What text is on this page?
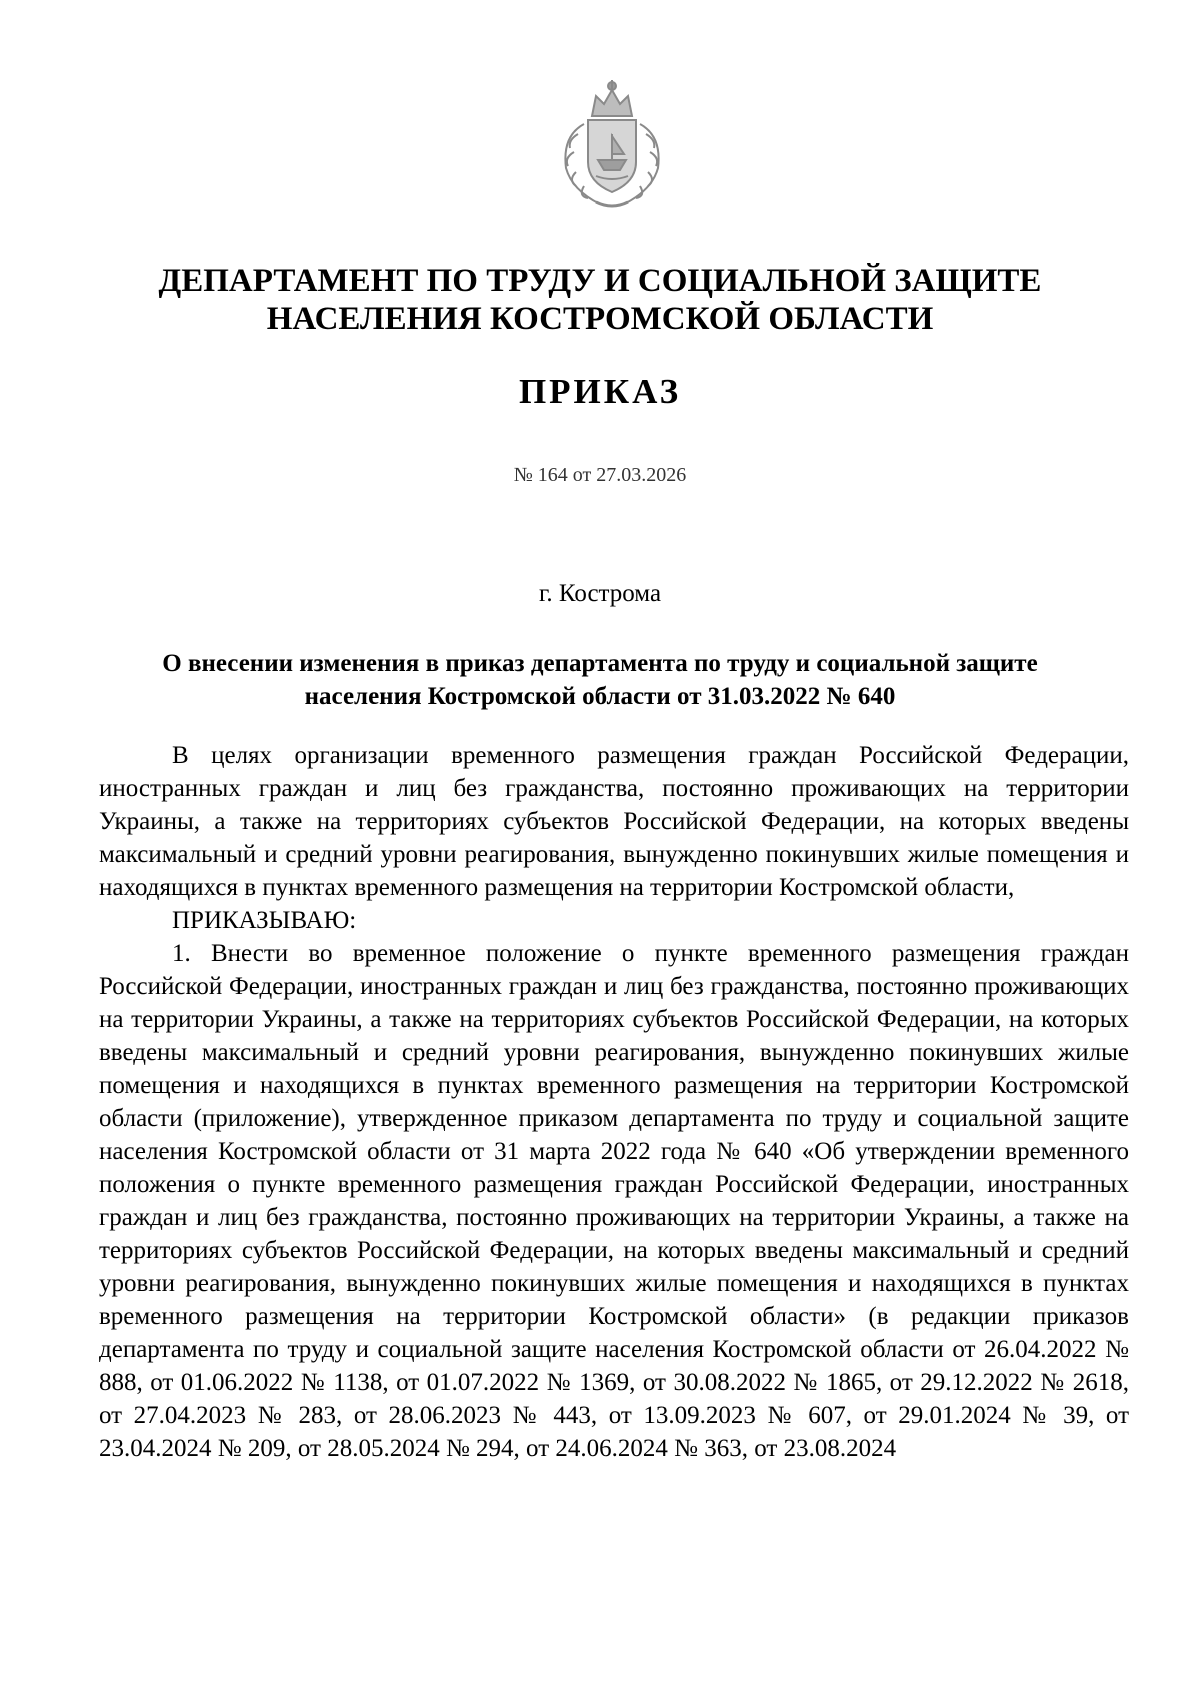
ДЕПАРТАМЕНТ ПО ТРУДУ И СОЦИАЛЬНОЙ ЗАЩИТЕ
НАСЕЛЕНИЯ КОСТРОМСКОЙ ОБЛАСТИ
ПРИКАЗ
№ 164 от 27.03.2026
г. Кострома
О внесении изменения в приказ департамента по труду и социальной защите
населения Костромской области от 31.03.2022 № 640

В целях организации временного размещения граждан Российской Федерации, иностранных граждан и лиц без гражданства, постоянно проживающих на территории Украины, а также на территориях субъектов Российской Федерации, на которых введены максимальный и средний уровни реагирования, вынужденно покинувших жилые помещения и находящихся в пунктах временного размещения на территории Костромской области,

ПРИКАЗЫВАЮ:

1. Внести во временное положение о пункте временного размещения граждан Российской Федерации, иностранных граждан и лиц без гражданства, постоянно проживающих на территории Украины, а также на территориях субъектов Российской Федерации, на которых введены максимальный и средний уровни реагирования, вынужденно покинувших жилые помещения и находящихся в пунктах временного размещения на территории Костромской области (приложение), утвержденное приказом департамента по труду и социальной защите населения Костромской области от 31 марта 2022 года № 640 «Об утверждении временного положения о пункте временного размещения граждан Российской Федерации, иностранных граждан и лиц без гражданства, постоянно проживающих на территории Украины, а также на территориях субъектов Российской Федерации, на которых введены максимальный и средний уровни реагирования, вынужденно покинувших жилые помещения и находящихся в пунктах временного размещения на территории Костромской области» (в редакции приказов департамента по труду и социальной защите населения Костромской области от 26.04.2022 № 888, от 01.06.2022 № 1138, от 01.07.2022 № 1369, от 30.08.2022 № 1865, от 29.12.2022 № 2618, от 27.04.2023 № 283, от 28.06.2023 № 443, от 13.09.2023 № 607, от 29.01.2024 № 39, от 23.04.2024 № 209, от 28.05.2024 № 294, от 24.06.2024 № 363, от 23.08.2024
